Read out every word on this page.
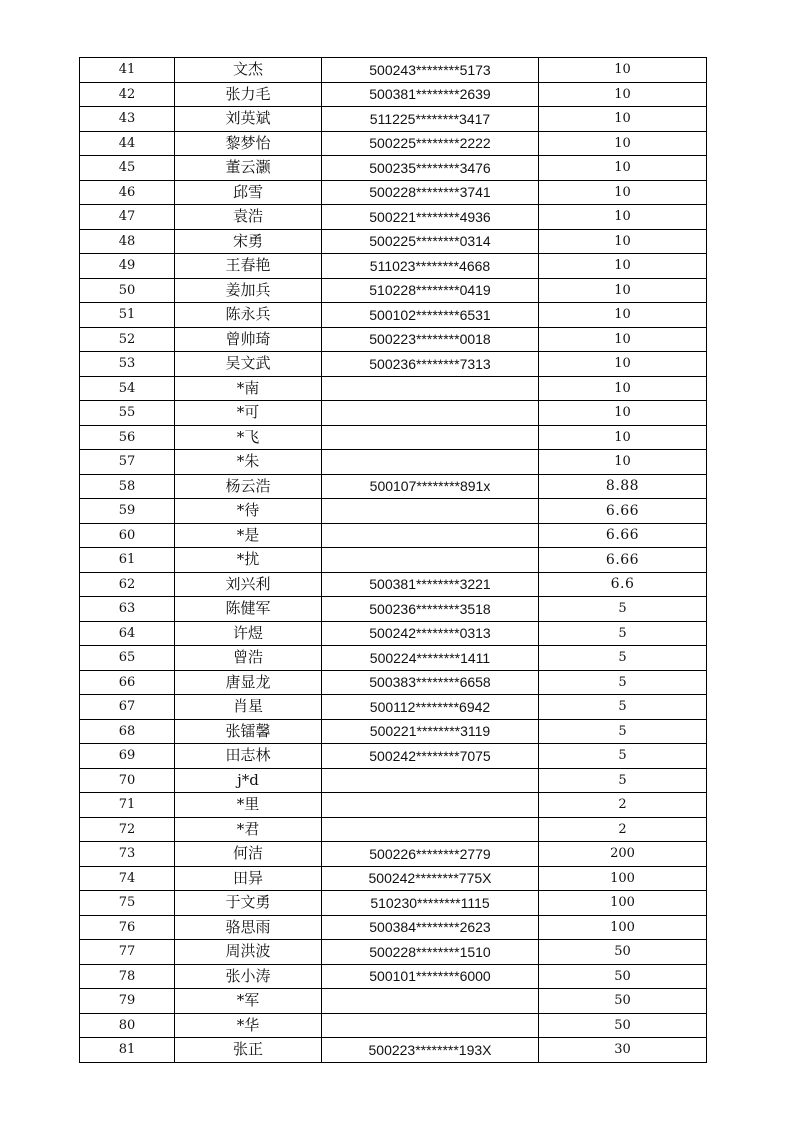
41	文杰	500243********5173	10
42	张力毛	500381********2639	10
43	刘英斌	511225********3417	10
44	黎梦怡	500225********2222	10
45	董云灏	500235********3476	10
46	邱雪	500228********3741	10
47	袁浩	500221********4936	10
48	宋勇	500225********0314	10
49	王春艳	511023********4668	10
50	姜加兵	510228********0419	10
51	陈永兵	500102********6531	10
52	曾帅琦	500223********0018	10
53	吴文武	500236********7313	10
54	*南		10
55	*可		10
56	*飞		10
57	*朱		10
58	杨云浩	500107********891x	8.88
59	*待		6.66
60	*是		6.66
61	*扰		6.66
62	刘兴利	500381********3221	6.6
63	陈健军	500236********3518	5
64	许煜	500242********0313	5
65	曾浩	500224********1411	5
66	唐显龙	500383********6658	5
67	肖星	500112********6942	5
68	张镭馨	500221********3119	5
69	田志林	500242********7075	5
70	j*d		5
71	*里		2
72	*君		2
73	何洁	500226********2779	200
74	田异	500242********775X	100
75	于文勇	510230********1115	100
76	骆思雨	500384********2623	100
77	周洪波	500228********1510	50
78	张小涛	500101********6000	50
79	*军		50
80	*华		50
81	张正	500223********193X	30
